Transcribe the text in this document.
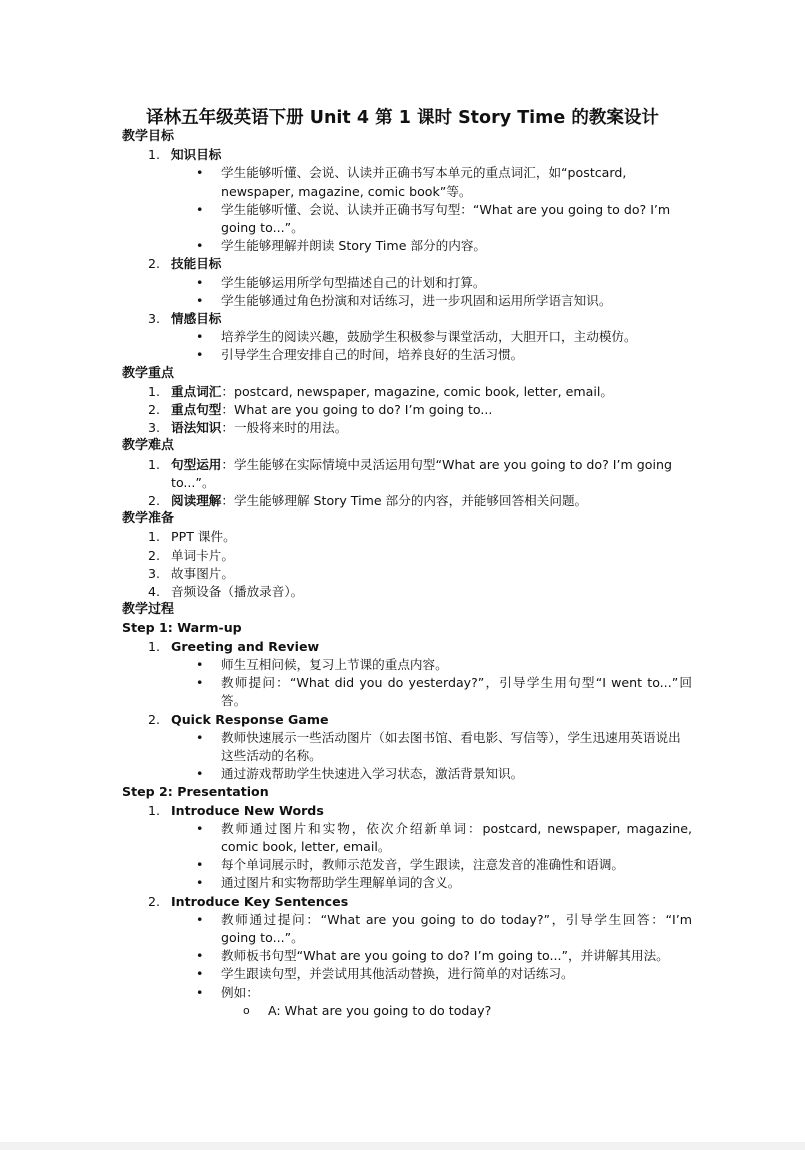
译林五年级英语下册 Unit 4 第 1 课时 Story Time 的教案设计
教学目标
1. 知识目标
• 学生能够听懂、会说、认读并正确书写本单元的重点词汇，如“postcard, newspaper, magazine, comic book”等。
• 学生能够听懂、会说、认读并正确书写句型：“What are you going to do? I’m going to...”。
• 学生能够理解并朗读 Story Time 部分的内容。
2. 技能目标
• 学生能够运用所学句型描述自己的计划和打算。
• 学生能够通过角色扮演和对话练习，进一步巩固和运用所学语言知识。
3. 情感目标
• 培养学生的阅读兴趣，鼓励学生积极参与课堂活动，大胆开口，主动模仿。
• 引导学生合理安排自己的时间，培养良好的生活习惯。
教学重点
1. 重点词汇：postcard, newspaper, magazine, comic book, letter, email。
2. 重点句型：What are you going to do? I’m going to...
3. 语法知识：一般将来时的用法。
教学难点
1. 句型运用：学生能够在实际情境中灵活运用句型“What are you going to do? I’m going to...”。
2. 阅读理解：学生能够理解 Story Time 部分的内容，并能够回答相关问题。
教学准备
1. PPT 课件。
2. 单词卡片。
3. 故事图片。
4. 音频设备（播放录音）。
教学过程
Step 1: Warm-up
1. Greeting and Review
• 师生互相问候，复习上节课的重点内容。
• 教师提问：“What did you do yesterday?”，引导学生用句型“I went to...”回答。
2. Quick Response Game
• 教师快速展示一些活动图片（如去图书馆、看电影、写信等），学生迅速用英语说出这些活动的名称。
• 通过游戏帮助学生快速进入学习状态，激活背景知识。
Step 2: Presentation
1. Introduce New Words
• 教师通过图片和实物，依次介绍新单词：postcard, newspaper, magazine, comic book, letter, email。
• 每个单词展示时，教师示范发音，学生跟读，注意发音的准确性和语调。
• 通过图片和实物帮助学生理解单词的含义。
2. Introduce Key Sentences
• 教师通过提问：“What are you going to do today?”，引导学生回答：“I’m going to...”。
• 教师板书句型“What are you going to do? I’m going to...”，并讲解其用法。
• 学生跟读句型，并尝试用其他活动替换，进行简单的对话练习。
• 例如：
o A: What are you going to do today?
